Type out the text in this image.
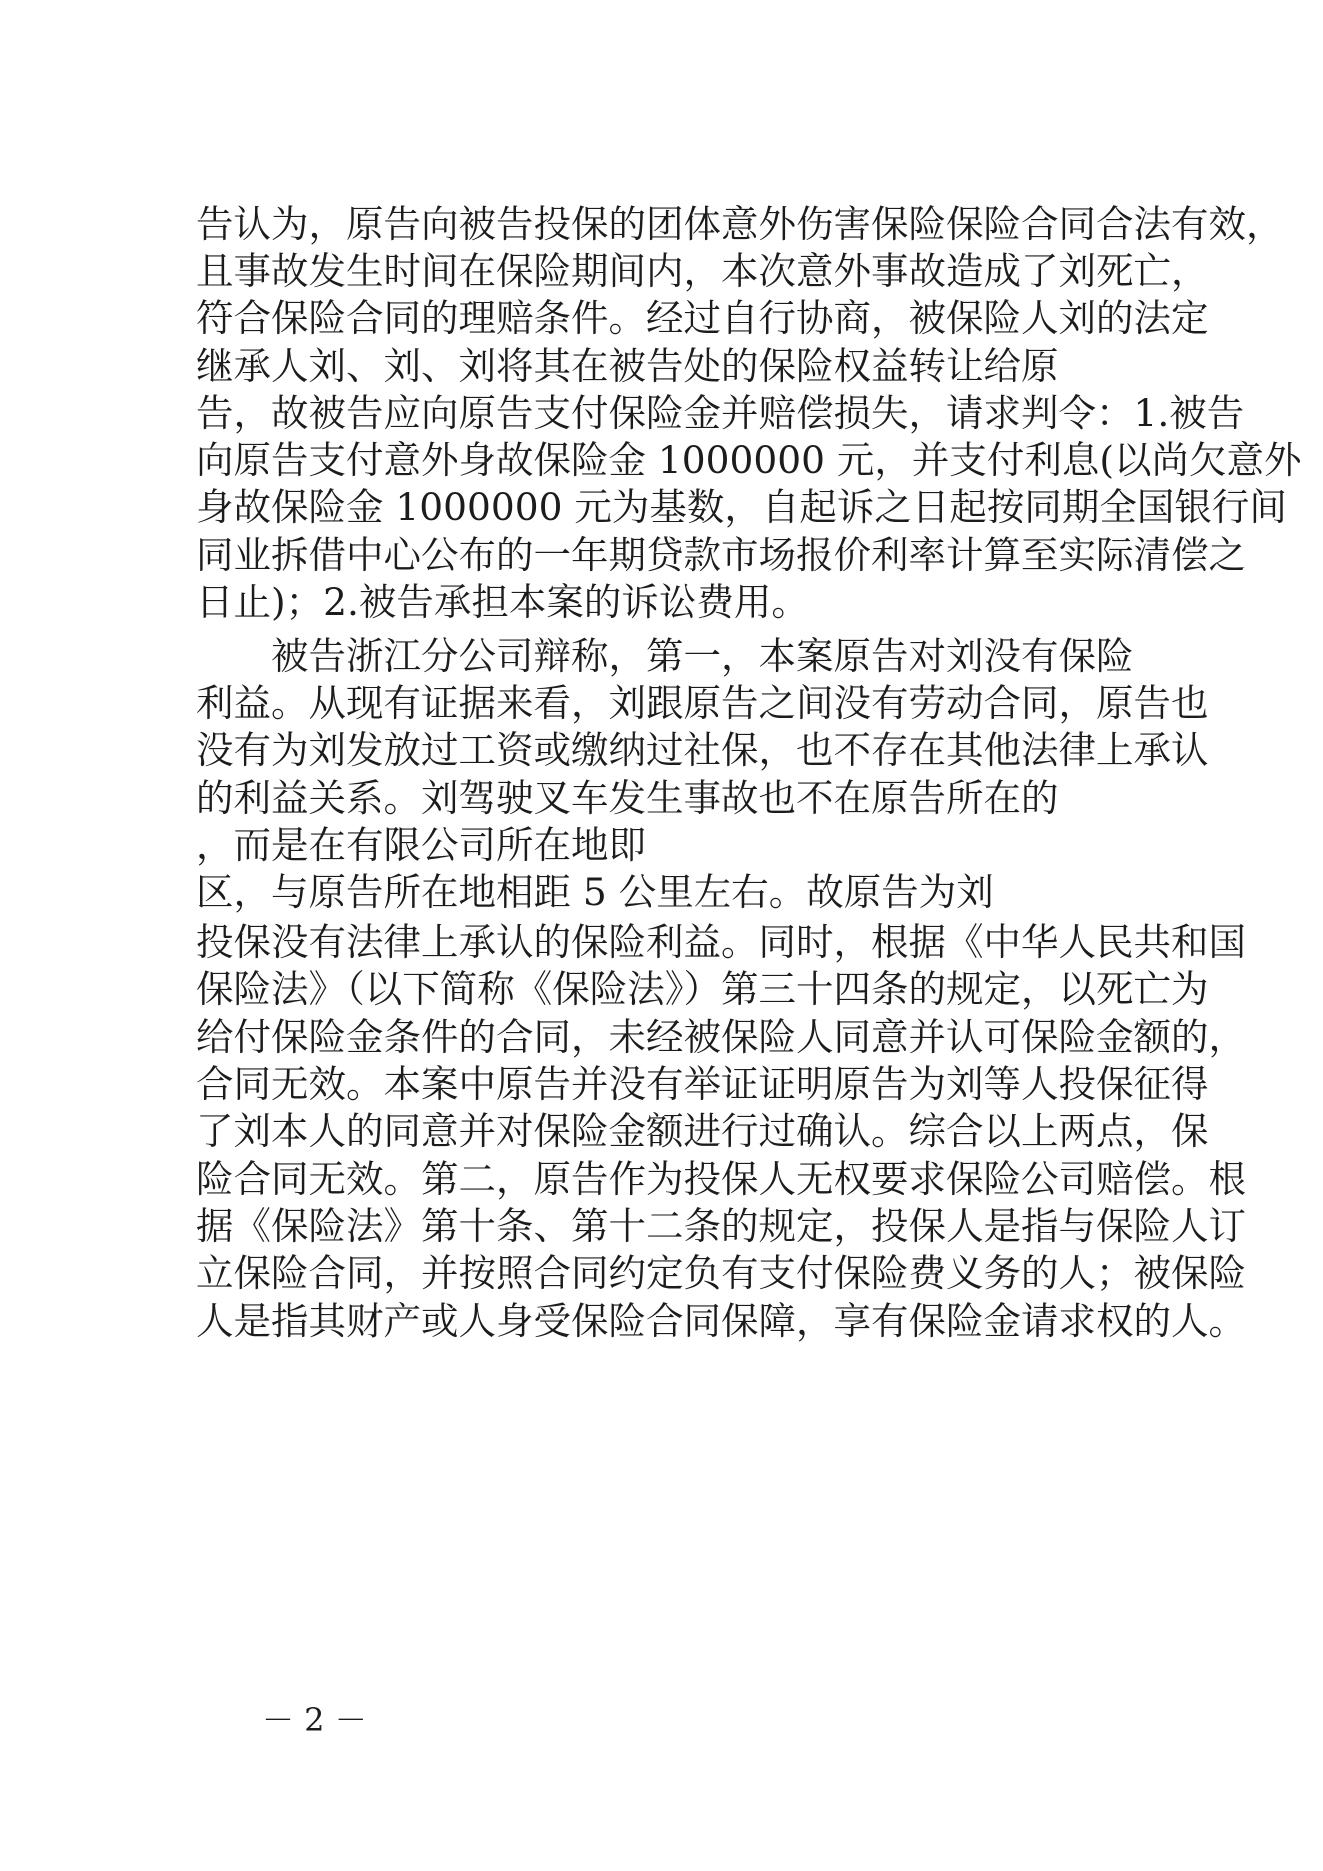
告认为，原告向被告投保的团体意外伤害保险保险合同合法有效，
且事故发生时间在保险期间内，本次意外事故造成了刘死亡，
符合保险合同的理赔条件。经过自行协商，被保险人刘的法定
继承人刘、刘、刘将其在被告处的保险权益转让给原
告，故被告应向原告支付保险金并赔偿损失，请求判令：1.被告
向原告支付意外身故保险金 1000000 元，并支付利息(以尚欠意外
身故保险金 1000000 元为基数，自起诉之日起按同期全国银行间
同业拆借中心公布的一年期贷款市场报价利率计算至实际清偿之
日止)；2.被告承担本案的诉讼费用。
被告浙江分公司辩称，第一，本案原告对刘没有保险
利益。从现有证据来看，刘跟原告之间没有劳动合同，原告也
没有为刘发放过工资或缴纳过社保，也不存在其他法律上承认
的利益关系。刘驾驶叉车发生事故也不在原告所在的
，而是在有限公司所在地即
区，与原告所在地相距 5 公里左右。故原告为刘
投保没有法律上承认的保险利益。同时，根据《中华人民共和国
保险法》（以下简称《保险法》）第三十四条的规定，以死亡为
给付保险金条件的合同，未经被保险人同意并认可保险金额的，
合同无效。本案中原告并没有举证证明原告为刘等人投保征得
了刘本人的同意并对保险金额进行过确认。综合以上两点，保
险合同无效。第二，原告作为投保人无权要求保险公司赔偿。根
据《保险法》第十条、第十二条的规定，投保人是指与保险人订
立保险合同，并按照合同约定负有支付保险费义务的人；被保险
人是指其财产或人身受保险合同保障，享有保险金请求权的人。
－ 2 －
